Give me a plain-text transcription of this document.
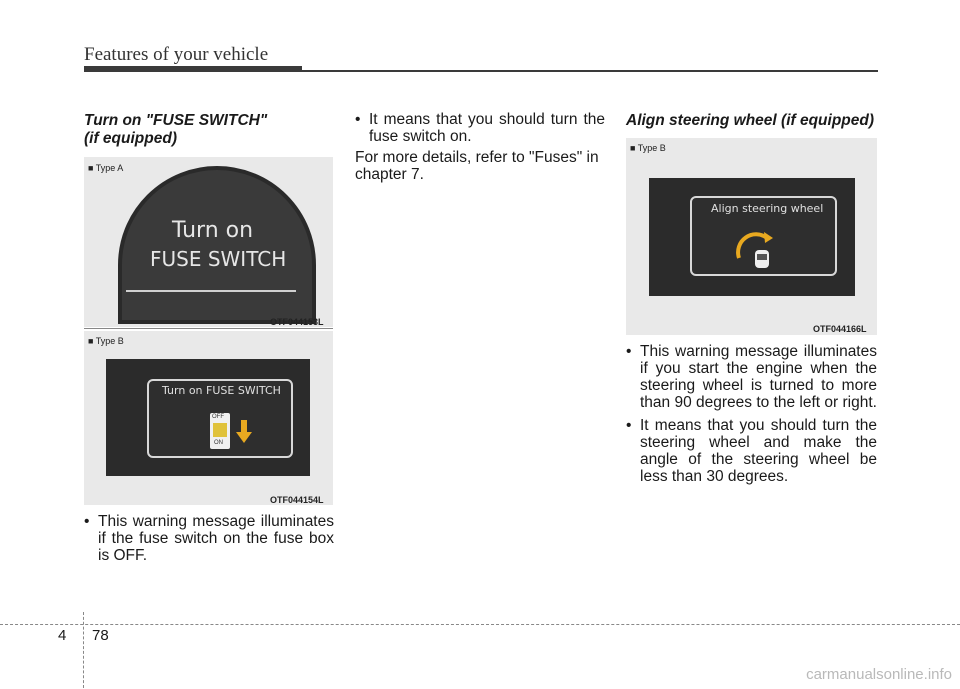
Features of your vehicle
Turn on "FUSE SWITCH"
(if equipped)
■ Type A
Turn on
FUSE SWITCH
OTF044153L
■ Type B
Turn on FUSE SWITCH
OFF
ON
OTF044154L
• This warning message illuminates if the fuse switch on the fuse box is OFF.
• It means that you should turn the fuse switch on.
For more details, refer to "Fuses" in chapter 7.
Align steering wheel (if equipped)
■ Type B
Align steering wheel
OTF044166L
• This warning message illuminates if you start the engine when the steering wheel is turned to more than 90 degrees to the left or right.
• It means that you should turn the steering wheel and make the angle of the steering wheel be less than 30 degrees.
4 78
carmanualsonline.info
